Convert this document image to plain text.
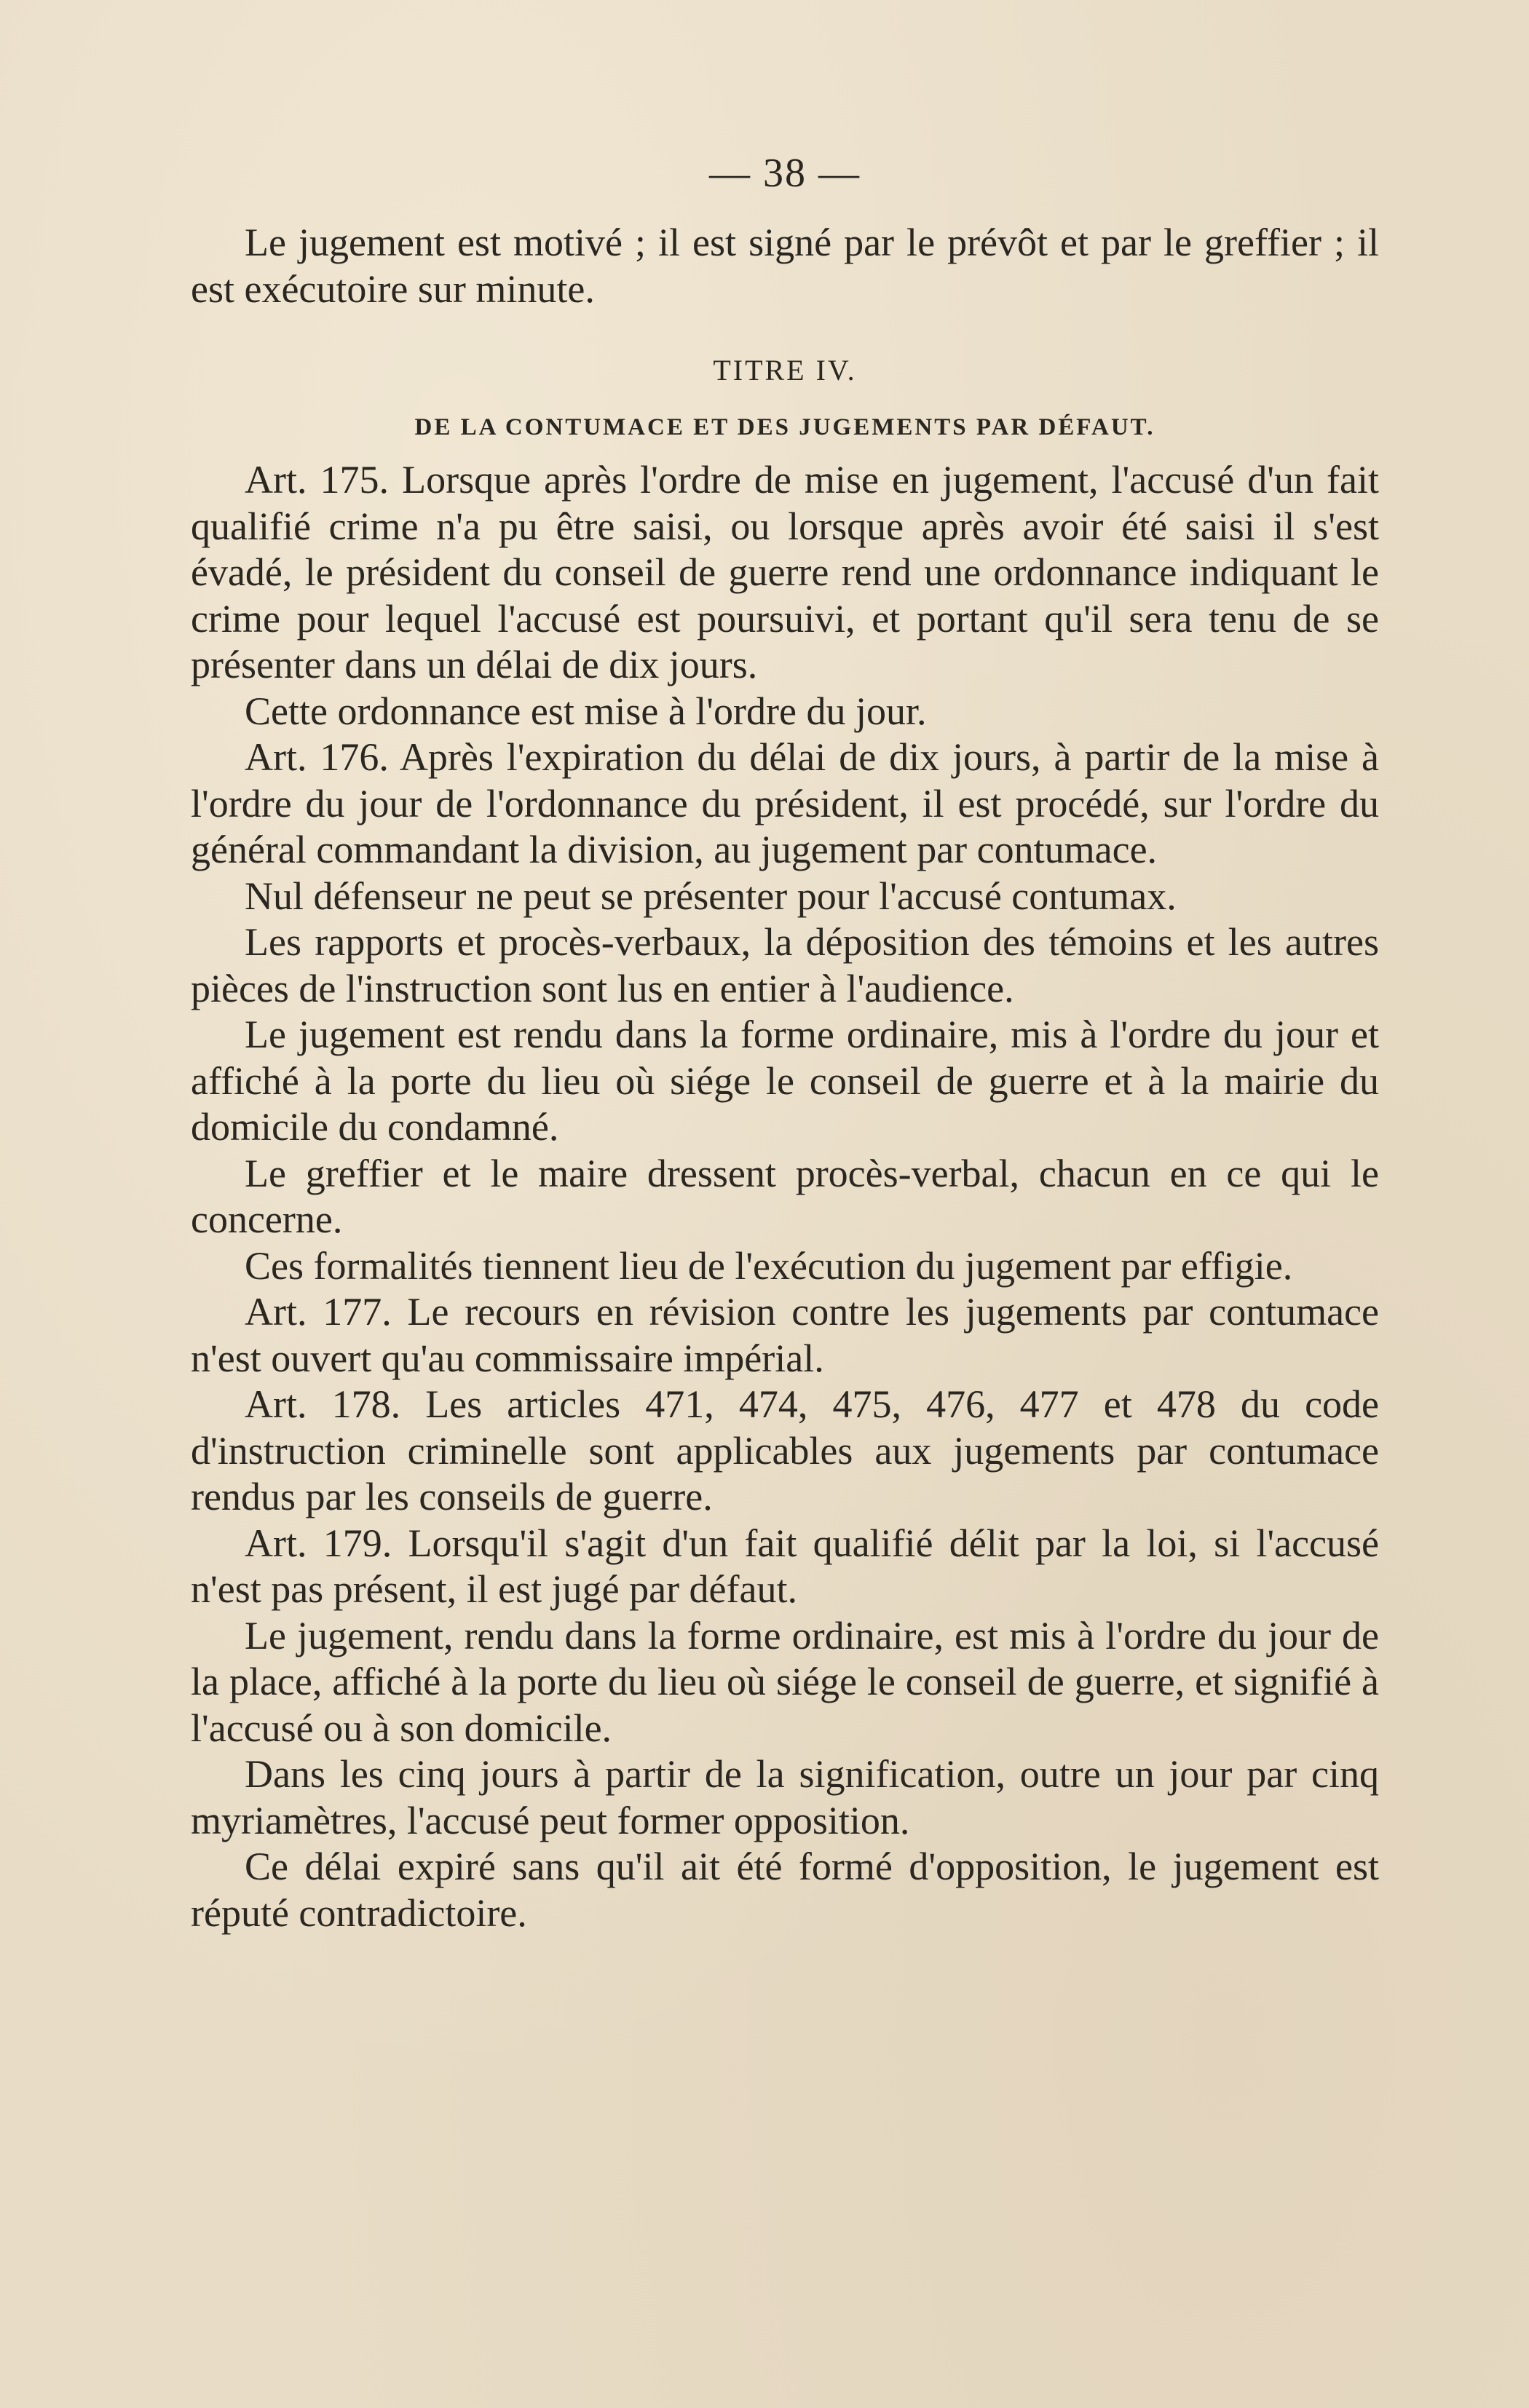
— 38 —

Le jugement est motivé ; il est signé par le prévôt et par le greffier ; il est exécutoire sur minute.

TITRE IV.
DE LA CONTUMACE ET DES JUGEMENTS PAR DÉFAUT.

Art. 175. Lorsque après l'ordre de mise en jugement, l'accusé d'un fait qualifié crime n'a pu être saisi, ou lorsque après avoir été saisi il s'est évadé, le président du conseil de guerre rend une ordonnance indiquant le crime pour lequel l'accusé est poursuivi, et portant qu'il sera tenu de se présenter dans un délai de dix jours.

Cette ordonnance est mise à l'ordre du jour.

Art. 176. Après l'expiration du délai de dix jours, à partir de la mise à l'ordre du jour de l'ordonnance du président, il est procédé, sur l'ordre du général commandant la division, au jugement par contumace.

Nul défenseur ne peut se présenter pour l'accusé contumax.

Les rapports et procès-verbaux, la déposition des témoins et les autres pièces de l'instruction sont lus en entier à l'audience.

Le jugement est rendu dans la forme ordinaire, mis à l'ordre du jour et affiché à la porte du lieu où siége le conseil de guerre et à la mairie du domicile du condamné.

Le greffier et le maire dressent procès-verbal, chacun en ce qui le concerne.

Ces formalités tiennent lieu de l'exécution du jugement par effigie.

Art. 177. Le recours en révision contre les jugements par contumace n'est ouvert qu'au commissaire impérial.

Art. 178. Les articles 471, 474, 475, 476, 477 et 478 du code d'instruction criminelle sont applicables aux jugements par contumace rendus par les conseils de guerre.

Art. 179. Lorsqu'il s'agit d'un fait qualifié délit par la loi, si l'accusé n'est pas présent, il est jugé par défaut.

Le jugement, rendu dans la forme ordinaire, est mis à l'ordre du jour de la place, affiché à la porte du lieu où siége le conseil de guerre, et signifié à l'accusé ou à son domicile.

Dans les cinq jours à partir de la signification, outre un jour par cinq myriamètres, l'accusé peut former opposition.

Ce délai expiré sans qu'il ait été formé d'opposition, le jugement est réputé contradictoire.
